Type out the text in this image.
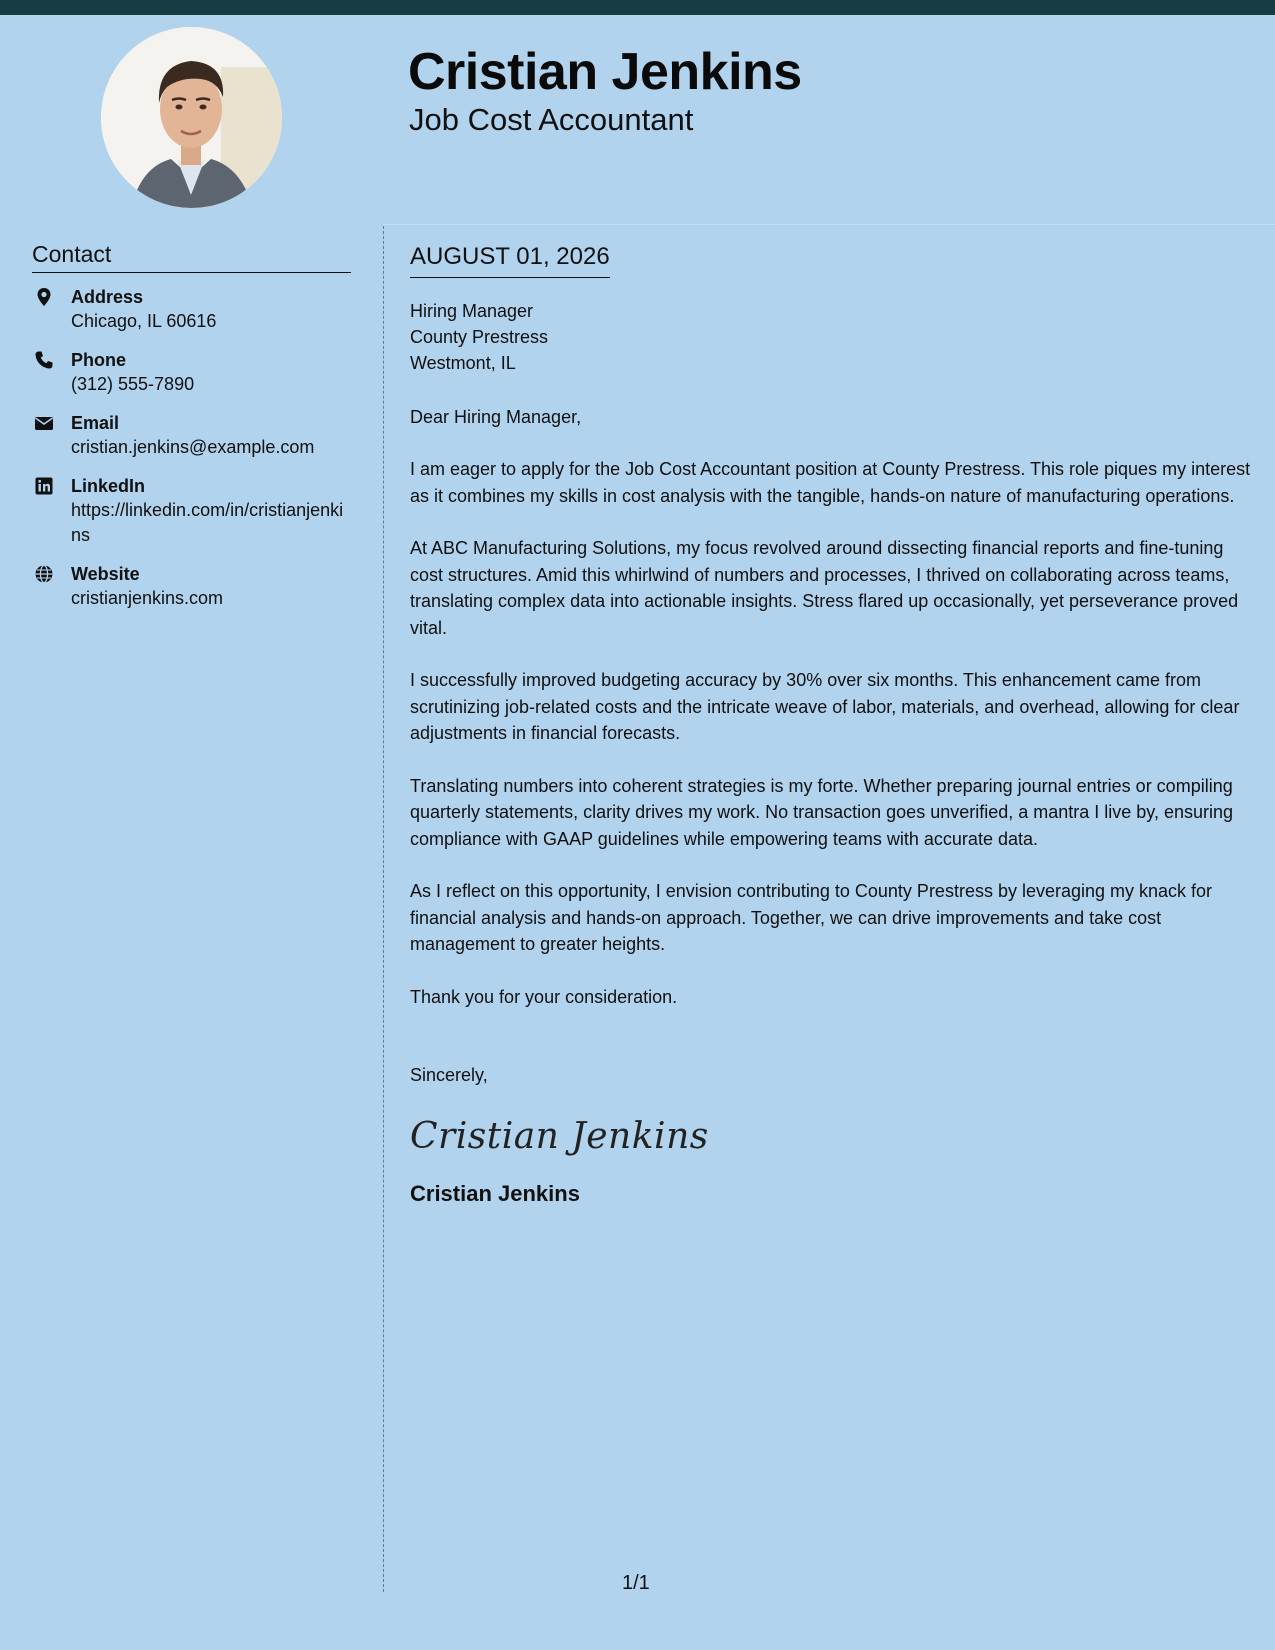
Cristian Jenkins
Job Cost Accountant
Contact
Address
Chicago, IL 60616
Phone
(312) 555-7890
Email
cristian.jenkins@example.com
LinkedIn
https://linkedin.com/in/cristianjenkins
Website
cristianjenkins.com
AUGUST 01, 2026
Hiring Manager
County Prestress
Westmont, IL
Dear Hiring Manager,
I am eager to apply for the Job Cost Accountant position at County Prestress. This role piques my interest as it combines my skills in cost analysis with the tangible, hands-on nature of manufacturing operations.
At ABC Manufacturing Solutions, my focus revolved around dissecting financial reports and fine-tuning cost structures. Amid this whirlwind of numbers and processes, I thrived on collaborating across teams, translating complex data into actionable insights. Stress flared up occasionally, yet perseverance proved vital.
I successfully improved budgeting accuracy by 30% over six months. This enhancement came from scrutinizing job-related costs and the intricate weave of labor, materials, and overhead, allowing for clear adjustments in financial forecasts.
Translating numbers into coherent strategies is my forte. Whether preparing journal entries or compiling quarterly statements, clarity drives my work. No transaction goes unverified, a mantra I live by, ensuring compliance with GAAP guidelines while empowering teams with accurate data.
As I reflect on this opportunity, I envision contributing to County Prestress by leveraging my knack for financial analysis and hands-on approach. Together, we can drive improvements and take cost management to greater heights.
Thank you for your consideration.
Sincerely,
Cristian Jenkins
Cristian Jenkins
1/1
